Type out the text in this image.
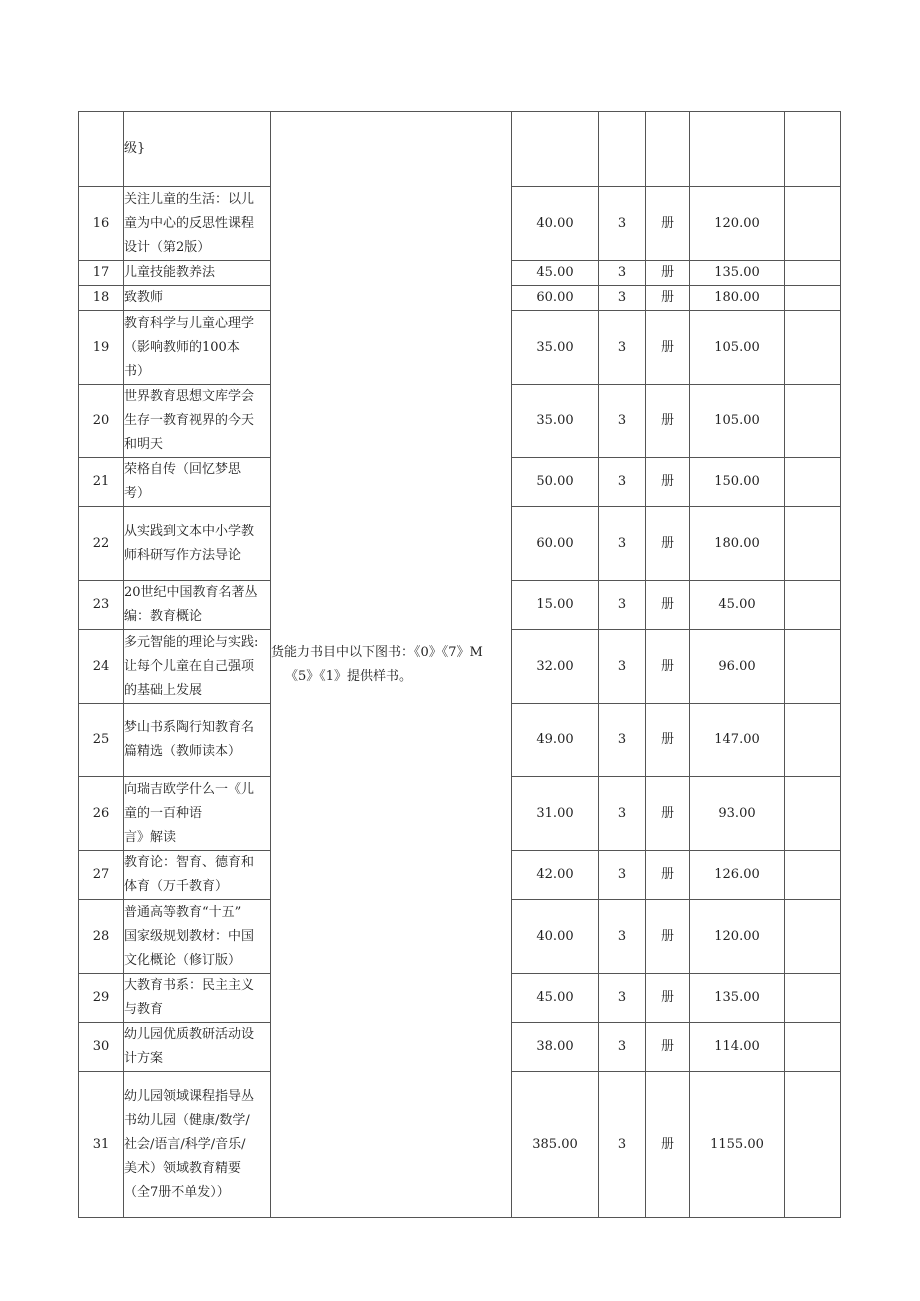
	级}	货能力书目中以下图书：《0》《7》M
《5》《1》提供样书。					

16	关注儿童的生活：以儿
童为中心的反思性课程
设计（第2版）		40.00	3	册	120.00	
17	儿童技能教养法		45.00	3	册	135.00	
18	致教师		60.00	3	册	180.00	
19	教育科学与儿童心理学
（影响教师的100本
书）		35.00	3	册	105.00	
20	世界教育思想文库学会
生存一教育视界的今天
和明天		35.00	3	册	105.00	
21	荣格自传（回忆梦思
考）		50.00	3	册	150.00	
22	从实践到文本中小学教
师科研写作方法导论		60.00	3	册	180.00	
23	20世纪中国教育名著丛
编：教育概论		15.00	3	册	45.00	
24	多元智能的理论与实践:
让每个儿童在自己强项
的基础上发展		32.00	3	册	96.00	
25	梦山书系陶行知教育名
篇精选（教师读本）		49.00	3	册	147.00	
26	向瑞吉欧学什么一《儿
童的一百种语
言》解读		31.00	3	册	93.00	
27	教育论：智育、德育和
体育（万千教育）		42.00	3	册	126.00	
28	普通高等教育“十五”
国家级规划教材：中国
文化概论（修订版）		40.00	3	册	120.00	
29	大教育书系：民主主义
与教育		45.00	3	册	135.00	
30	幼儿园优质教研活动设
计方案		38.00	3	册	114.00	
31	幼儿园领域课程指导丛
书幼儿园（健康/数学/
社会/语言/科学/音乐/
美术）领域教育精要
（全7册不单发））		385.00	3	册	1155.00	
